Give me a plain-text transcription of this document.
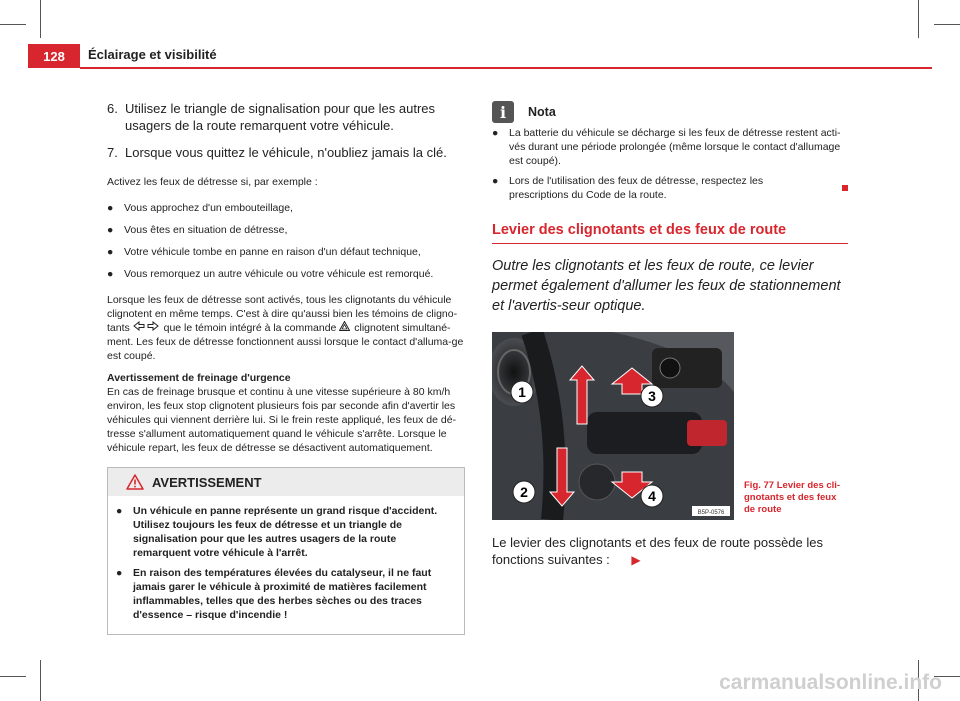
128	Éclairage et visibilité
6. Utilisez le triangle de signalisation pour que les autres usagers de la route remarquent votre véhicule.
7. Lorsque vous quittez le véhicule, n'oubliez jamais la clé.

Activez les feux de détresse si, par exemple :

●	Vous approchez d'un embouteillage,
●	Vous êtes en situation de détresse,
●	Votre véhicule tombe en panne en raison d'un défaut technique,
●	Vous remorquez un autre véhicule ou votre véhicule est remorqué.

Lorsque les feux de détresse sont activés, tous les clignotants du véhicule clignotent en même temps. C'est à dire qu'aussi bien les témoins de cligno-tants	que le témoin intégré à la commande clignotent simultané-ment. Les feux de détresse fonctionnent aussi lorsque le contact d'alluma-ge est coupé.

Avertissement de freinage d'urgence

En cas de freinage brusque et continu à une vitesse supérieure à 80 km/h environ, les feux stop clignotent plusieurs fois par seconde afin d'avertir les véhicules qui viennent derrière lui. Si le frein reste appliqué, les feux de dé-tresse s'allument automatiquement quand le véhicule s'arrête. Lorsque le véhicule repart, les feux de détresse se désactivent automatiquement.

AVERTISSEMENT
●	Un véhicule en panne représente un grand risque d'accident. Utilisez toujours les feux de détresse et un triangle de signalisation pour que les autres usagers de la route remarquent votre véhicule à l'arrêt.
●	En raison des températures élevées du catalyseur, il ne faut jamais garer le véhicule à proximité de matières facilement inflammables, telles que des herbes sèches ou des traces d'essence – risque d'incendie !
i	Nota
●	La batterie du véhicule se décharge si les feux de détresse restent acti-vés durant une période prolongée (même lorsque le contact d'allumage est coupé).
●	Lors de l'utilisation des feux de détresse, respectez les prescriptions du Code de la route.
Levier des clignotants et des feux de route

Outre les clignotants et les feux de route, ce levier permet également d'allumer les feux de stationnement et l'avertis-seur optique.

1
2
3
4
B5P-0576
Fig. 77 Levier des cli-gnotants et des feux de route

Le levier des clignotants et des feux de route possède les fonctions suivantes : ▶

carmanualsonline.info
